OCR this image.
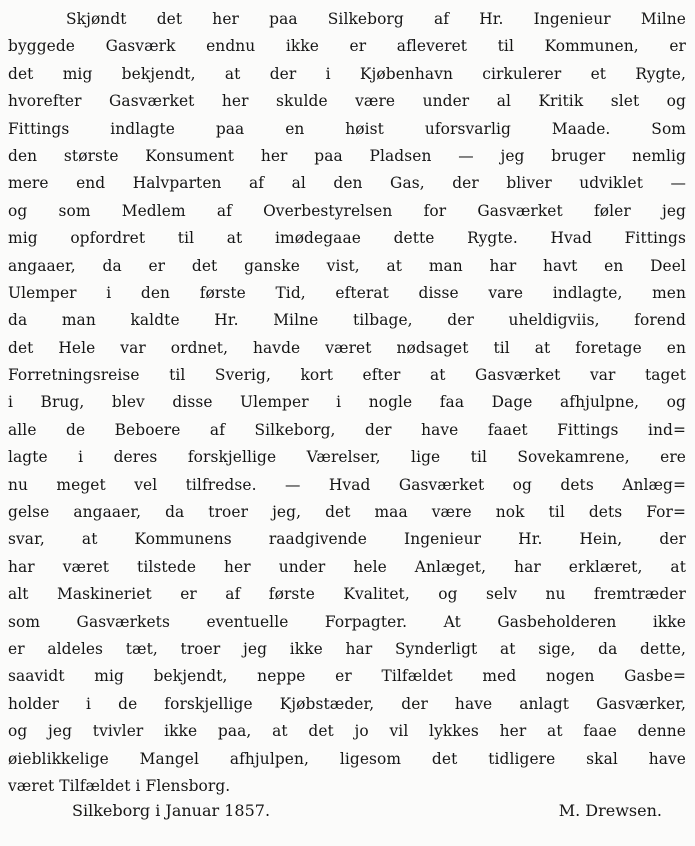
Skjøndt det her paa Silkeborg af Hr. Ingenieur Milne
byggede Gasværk endnu ikke er afleveret til Kommunen, er
det mig bekjendt, at der i Kjøbenhavn cirkulerer et Rygte,
hvorefter Gasværket her skulde være under al Kritik slet og
Fittings indlagte paa en høist uforsvarlig Maade. Som
den største Konsument her paa Pladsen — jeg bruger nemlig
mere end Halvparten af al den Gas, der bliver udviklet —
og som Medlem af Overbestyrelsen for Gasværket føler jeg
mig opfordret til at imødegaae dette Rygte. Hvad Fittings
angaaer, da er det ganske vist, at man har havt en Deel
Ulemper i den første Tid, efterat disse vare indlagte, men
da man kaldte Hr. Milne tilbage, der uheldigviis, forend
det Hele var ordnet, havde været nødsaget til at foretage en
Forretningsreise til Sverig, kort efter at Gasværket var taget
i Brug, blev disse Ulemper i nogle faa Dage afhjulpne, og
alle de Beboere af Silkeborg, der have faaet Fittings ind=
lagte i deres forskjellige Værelser, lige til Sovekamrene, ere
nu meget vel tilfredse. — Hvad Gasværket og dets Anlæg=
gelse angaaer, da troer jeg, det maa være nok til dets For=
svar, at Kommunens raadgivende Ingenieur Hr. Hein, der
har været tilstede her under hele Anlæget, har erklæret, at
alt Maskineriet er af første Kvalitet, og selv nu fremtræder
som Gasværkets eventuelle Forpagter. At Gasbeholderen ikke
er aldeles tæt, troer jeg ikke har Synderligt at sige, da dette,
saavidt mig bekjendt, neppe er Tilfældet med nogen Gasbe=
holder i de forskjellige Kjøbstæder, der have anlagt Gasværker,
og jeg tvivler ikke paa, at det jo vil lykkes her at faae denne
øieblikkelige Mangel afhjulpen, ligesom det tidligere skal have
været Tilfældet i Flensborg.
Silkeborg i Januar 1857.	M. Drewsen.
